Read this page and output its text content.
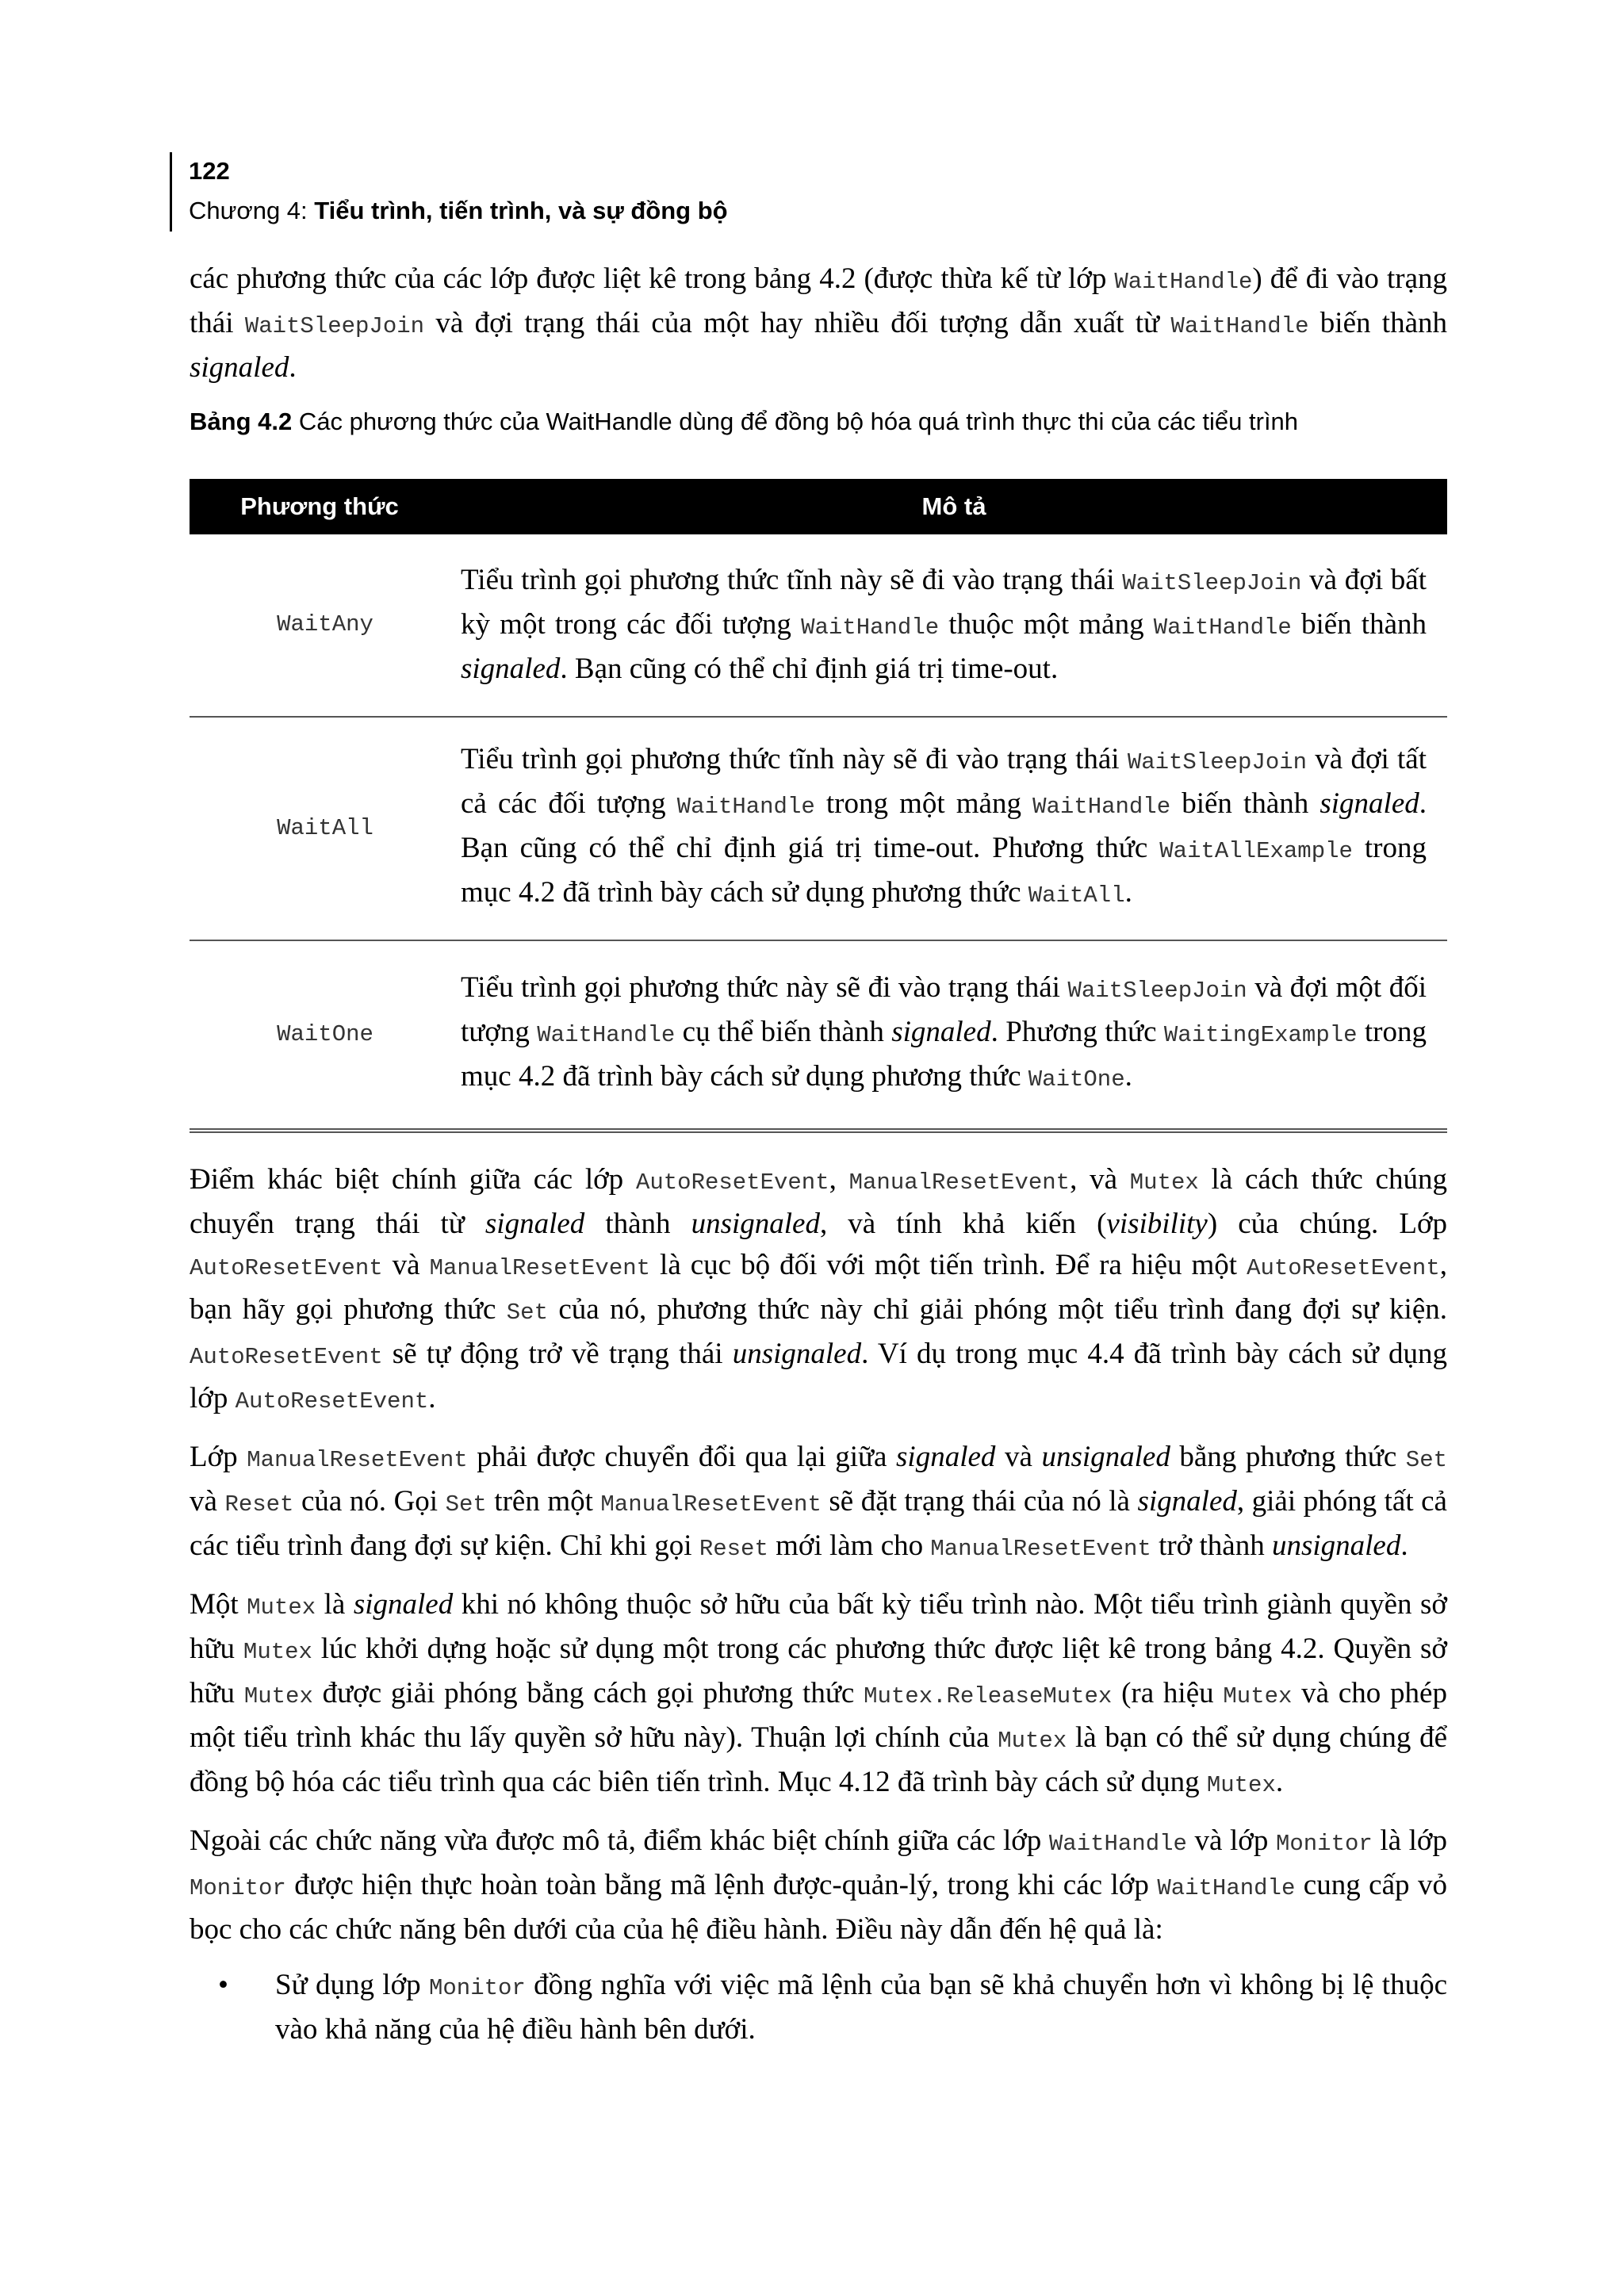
122
Chương 4: Tiểu trình, tiến trình, và sự đồng bộ

các phương thức của các lớp được liệt kê trong bảng 4.2 (được thừa kế từ lớp WaitHandle) để đi vào trạng thái WaitSleepJoin và đợi trạng thái của một hay nhiều đối tượng dẫn xuất từ WaitHandle biến thành signaled.

Bảng 4.2 Các phương thức của WaitHandle dùng để đồng bộ hóa quá trình thực thi của các tiểu trình
Phương thức	Mô tả
WaitAny	Tiểu trình gọi phương thức tĩnh này sẽ đi vào trạng thái WaitSleepJoin và đợi bất kỳ một trong các đối tượng WaitHandle thuộc một mảng WaitHandle biến thành signaled. Bạn cũng có thể chỉ định giá trị time-out.
WaitAll	Tiểu trình gọi phương thức tĩnh này sẽ đi vào trạng thái WaitSleepJoin và đợi tất cả các đối tượng WaitHandle trong một mảng WaitHandle biến thành signaled. Bạn cũng có thể chỉ định giá trị time-out. Phương thức WaitAllExample trong mục 4.2 đã trình bày cách sử dụng phương thức WaitAll.
WaitOne	Tiểu trình gọi phương thức này sẽ đi vào trạng thái WaitSleepJoin và đợi một đối tượng WaitHandle cụ thể biến thành signaled. Phương thức WaitingExample trong mục 4.2 đã trình bày cách sử dụng phương thức WaitOne.

Điểm khác biệt chính giữa các lớp AutoResetEvent, ManualResetEvent, và Mutex là cách thức chúng chuyển trạng thái từ signaled thành unsignaled, và tính khả kiến (visibility) của chúng. Lớp AutoResetEvent và ManualResetEvent là cục bộ đối với một tiến trình. Để ra hiệu một AutoResetEvent, bạn hãy gọi phương thức Set của nó, phương thức này chỉ giải phóng một tiểu trình đang đợi sự kiện. AutoResetEvent sẽ tự động trở về trạng thái unsignaled. Ví dụ trong mục 4.4 đã trình bày cách sử dụng lớp AutoResetEvent.

Lớp ManualResetEvent phải được chuyển đổi qua lại giữa signaled và unsignaled bằng phương thức Set và Reset của nó. Gọi Set trên một ManualResetEvent sẽ đặt trạng thái của nó là signaled, giải phóng tất cả các tiểu trình đang đợi sự kiện. Chỉ khi gọi Reset mới làm cho ManualResetEvent trở thành unsignaled.

Một Mutex là signaled khi nó không thuộc sở hữu của bất kỳ tiểu trình nào. Một tiểu trình giành quyền sở hữu Mutex lúc khởi dựng hoặc sử dụng một trong các phương thức được liệt kê trong bảng 4.2. Quyền sở hữu Mutex được giải phóng bằng cách gọi phương thức Mutex.ReleaseMutex (ra hiệu Mutex và cho phép một tiểu trình khác thu lấy quyền sở hữu này). Thuận lợi chính của Mutex là bạn có thể sử dụng chúng để đồng bộ hóa các tiểu trình qua các biên tiến trình. Mục 4.12 đã trình bày cách sử dụng Mutex.

Ngoài các chức năng vừa được mô tả, điểm khác biệt chính giữa các lớp WaitHandle và lớp Monitor là lớp Monitor được hiện thực hoàn toàn bằng mã lệnh được-quản-lý, trong khi các lớp WaitHandle cung cấp vỏ bọc cho các chức năng bên dưới của của hệ điều hành. Điều này dẫn đến hệ quả là:

• Sử dụng lớp Monitor đồng nghĩa với việc mã lệnh của bạn sẽ khả chuyển hơn vì không bị lệ thuộc vào khả năng của hệ điều hành bên dưới.
